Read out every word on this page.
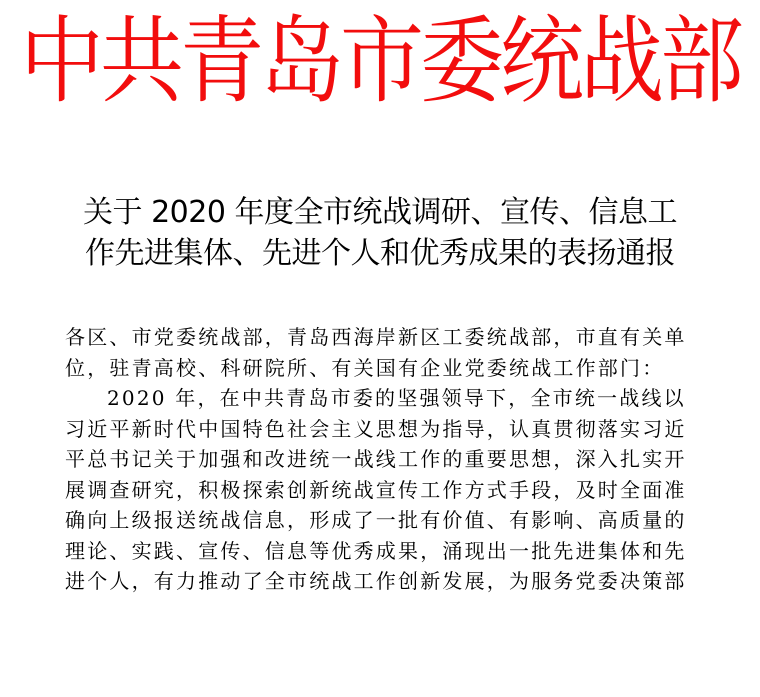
中共青岛市委统战部
关于 2020 年度全市统战调研、宣传、信息工
作先进集体、先进个人和优秀成果的表扬通报
各区、市党委统战部，青岛西海岸新区工委统战部，市直有关单
位，驻青高校、科研院所、有关国有企业党委统战工作部门：
2020 年，在中共青岛市委的坚强领导下，全市统一战线以
习近平新时代中国特色社会主义思想为指导，认真贯彻落实习近
平总书记关于加强和改进统一战线工作的重要思想，深入扎实开
展调查研究，积极探索创新统战宣传工作方式手段，及时全面准
确向上级报送统战信息，形成了一批有价值、有影响、高质量的
理论、实践、宣传、信息等优秀成果，涌现出一批先进集体和先
进个人，有力推动了全市统战工作创新发展，为服务党委决策部
